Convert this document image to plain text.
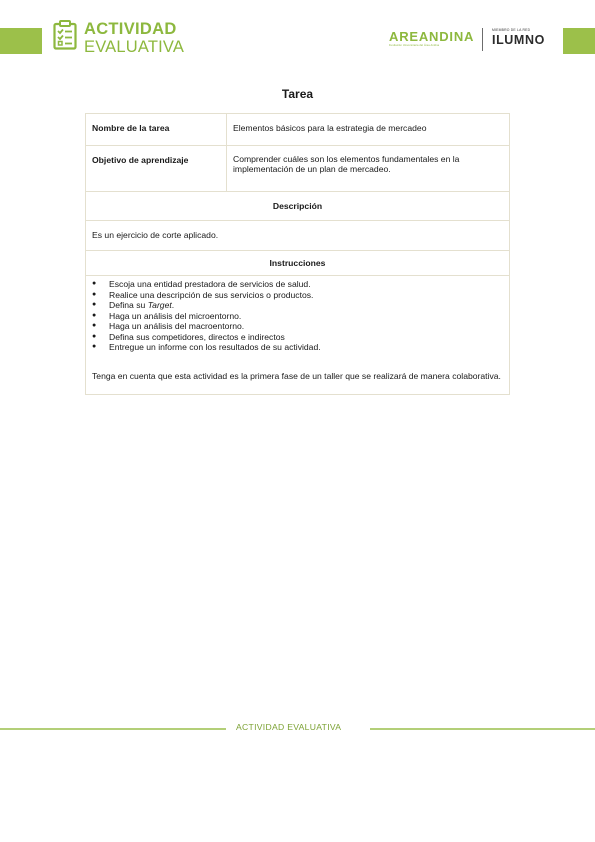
ACTIVIDAD
EVALUATIVA
AREANDINA
Fundación Universitaria del Área Andina
MIEMBRO DE LA RED
ILUMNO
Tarea
Nombre de la tarea	Elementos básicos para la estrategia de mercadeo
Objetivo de aprendizaje	Comprender cuáles son los elementos fundamentales en la implementación de un plan de mercadeo.
Descripción
Es un ejercicio de corte aplicado.
Instrucciones
● Escoja una entidad prestadora de servicios de salud.
● Realice una descripción de sus servicios o productos.
● Defina su Target.
● Haga un análisis del microentorno.
● Haga un análisis del macroentorno.
● Defina sus competidores, directos e indirectos
● Entregue un informe con los resultados de su actividad.

Tenga en cuenta que esta actividad es la primera fase de un taller que se realizará de manera colaborativa.

ACTIVIDAD EVALUATIVA
